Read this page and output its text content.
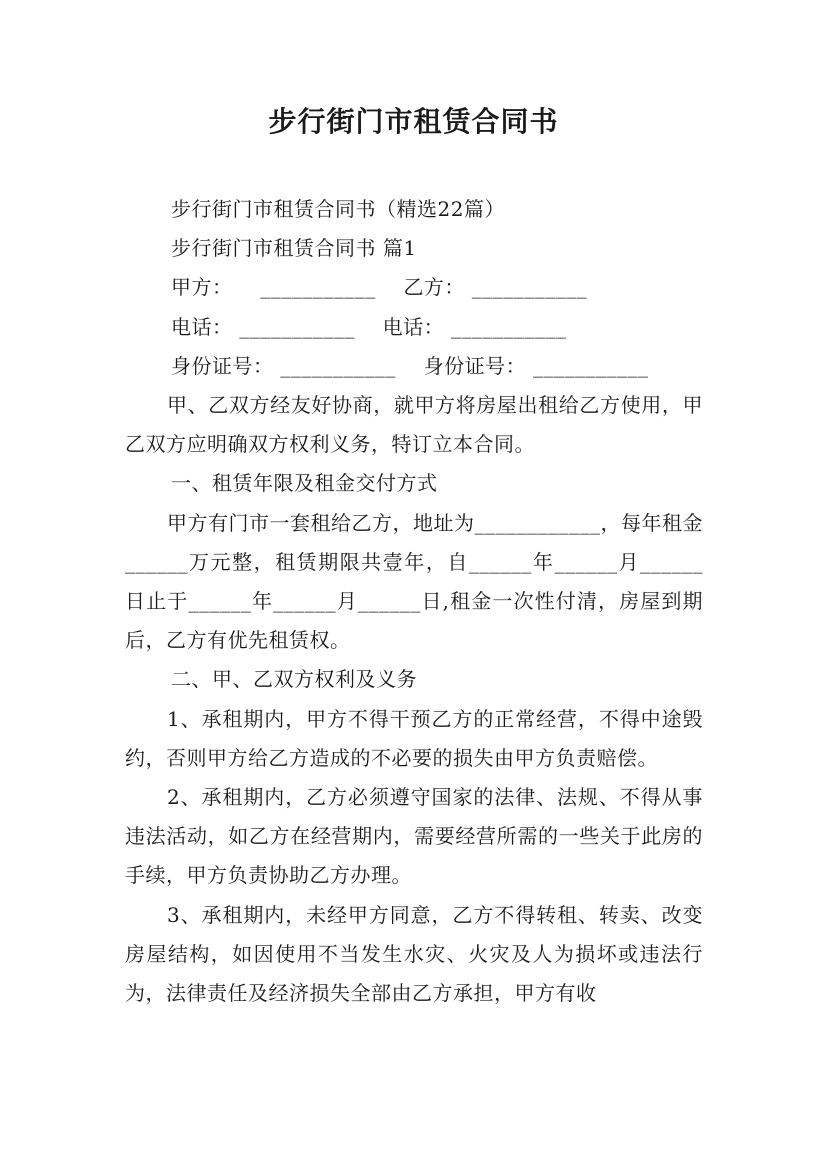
步行街门市租赁合同书

步行街门市租赁合同书（精选22篇）

步行街门市租赁合同书 篇1

甲方： ___________ 乙方： ___________

电话： ___________ 电话： ___________

身份证号： ___________ 身份证号： ___________

甲、乙双方经友好协商，就甲方将房屋出租给乙方使用，甲乙双方应明确双方权利义务，特订立本合同。

一、租赁年限及租金交付方式

甲方有门市一套租给乙方，地址为____________，每年租金______万元整，租赁期限共壹年，自______年______月______日止于______年______月______日,租金一次性付清，房屋到期后，乙方有优先租赁权。

二、甲、乙双方权利及义务

1、承租期内，甲方不得干预乙方的正常经营，不得中途毁约，否则甲方给乙方造成的不必要的损失由甲方负责赔偿。

2、承租期内，乙方必须遵守国家的法律、法规、不得从事违法活动，如乙方在经营期内，需要经营所需的一些关于此房的手续，甲方负责协助乙方办理。

3、承租期内，未经甲方同意，乙方不得转租、转卖、改变房屋结构，如因使用不当发生水灾、火灾及人为损坏或违法行为，法律责任及经济损失全部由乙方承担，甲方有收
